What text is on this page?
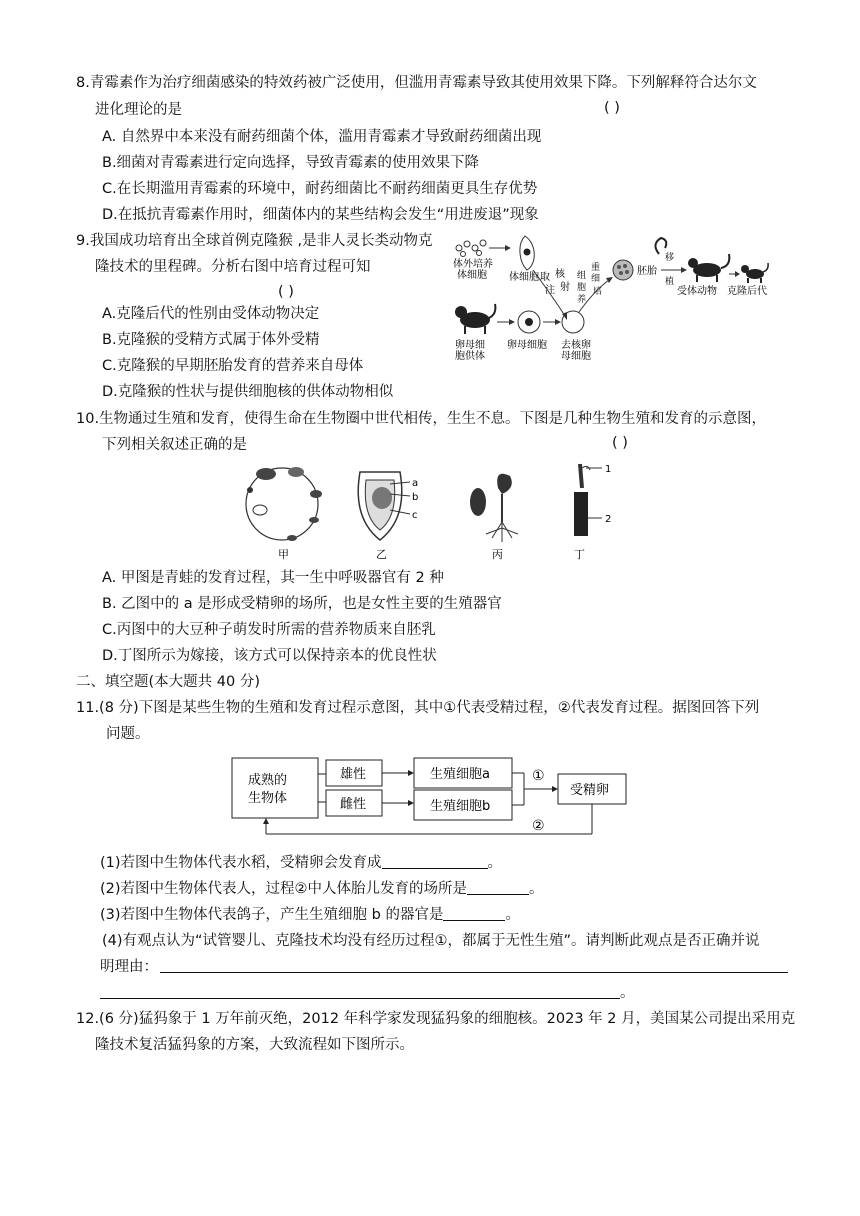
8.青霉素作为治疗细菌感染的特效药被广泛使用，但滥用青霉素导致其使用效果下降。下列解释符合达尔文
进化理论的是	( )
A. 自然界中本来没有耐药细菌个体，滥用青霉素才导致耐药细菌出现
B.细菌对青霉素进行定向选择，导致青霉素的使用效果下降
C.在长期滥用青霉素的环境中，耐药细菌比不耐药细菌更具生存优势
D.在抵抗青霉素作用时，细菌体内的某些结构会发生“用进废退”现象
9.我国成功培育出全球首例克隆猴 ,是非人灵长类动物克
隆技术的里程碑。分析右图中培育过程可知
( )
A.克隆后代的性别由受体动物决定
B.克隆猴的受精方式属于体外受精
C.克隆猴的早期胚胎发育的营养来自母体
D.克隆猴的性状与提供细胞核的供体动物相似
体外培养
体细胞 体细胞 取 核
注 射
重
组 细
胞 培
养
胚胎
移
植
受体动物 克隆后代
卵母细
胞供体
卵母细胞 去核卵
母细胞
10.生物通过生殖和发育，使得生命在生物圈中世代相传，生生不息。下图是几种生物生殖和发育的示意图，
下列相关叙述正确的是	( )
甲
a
b
c
乙	丙
1
2
丁
A. 甲图是青蛙的发育过程，其一生中呼吸器官有 2 种
B. 乙图中的 a 是形成受精卵的场所，也是女性主要的生殖器官
C.丙图中的大豆种子萌发时所需的营养物质来自胚乳
D.丁图所示为嫁接，该方式可以保持亲本的优良性状
二、填空题(本大题共 40 分)
11.(8 分)下图是某些生物的生殖和发育过程示意图，其中①代表受精过程，②代表发育过程。据图回答下列
问题。
成熟的
生物体
雄性
雌性
生殖细胞a
生殖细胞b
①
受精卵
②
(1)若图中生物体代表水稻，受精卵会发育成	。
(2)若图中生物体代表人，过程②中人体胎儿发育的场所是	。
(3)若图中生物体代表鸽子，产生生殖细胞 b 的器官是	。
(4)有观点认为“试管婴儿、克隆技术均没有经历过程①，都属于无性生殖”。请判断此观点是否正确并说
明理由：
。
12.(6 分)猛犸象于 1 万年前灭绝，2012 年科学家发现猛犸象的细胞核。2023 年 2 月，美国某公司提出采用克
隆技术复活猛犸象的方案，大致流程如下图所示。
